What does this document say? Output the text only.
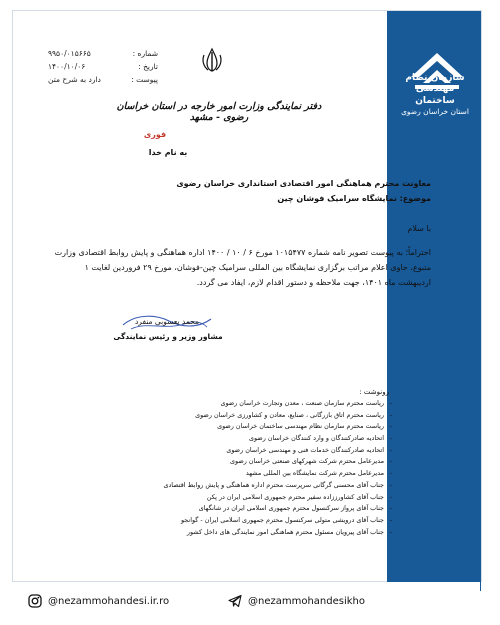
سازمان نظام مهندسی ساختمان
استان خراسان رضوی
شماره :
۹۹۵۰/۰۱۵۶۶۵
تاریخ :
۱۴۰۰/۱۰/۰۶
پیوست :
دارد به شرح متن
دفتر نمایندگی وزارت امور خارجه در استان خراسان رضوی - مشهد
فوری
به نام خدا
معاونت محترم هماهنگی امور اقتصادی استانداری خراسان رضوی
موضوع: نمایشگاه سرامیک فوشان چین
با سلام
احتراماً؛ به پیوست تصویر نامه شماره ۱۰۱۵۴۷۷ مورخ ۶ / ۱۰ / ۱۴۰۰ اداره هماهنگی و پایش روابط اقتصادی وزارت متبوع، حاوی اعلام مراتب برگزاری نمایشگاه بین المللی سرامیک چین-فوشان، مورخ ۲۹ فروردین لغایت ۱ اردیبهشت ماه ۱۴۰۱، جهت ملاحظه و دستور اقدام لازم، ایفاد می گردد.
محمد یعسوبی منفرد
مشاور وزیر و رئیس نمایندگی
رونوشت :
-ریاست محترم سازمان صنعت ، معدن وتجارت خراسان رضوی
-ریاست محترم اتاق بازرگانی ، صنایع، معادن و کشاورزی خراسان رضوی
-ریاست محترم سازمان نظام مهندسی ساختمان خراسان رضوی
-اتحادیه صادرکنندگان و وارد کنندگان خراسان رضوی
-اتحادیه صادرکنندگان خدمات فنی و مهندسی خراسان رضوی
-مدیرعامل محترم شرکت شهرکهای صنعتی خراسان رضوی
-مدیرعامل محترم شرکت نمایشگاه بین المللی مشهد
-جناب آقای محسنی گرگانی سرپرست محترم اداره هماهنگی و پایش روابط اقتصادی
-جناب آقای کشاورززاده سفیر محترم جمهوری اسلامی ایران در پکن
-جناب آقای پرواز سرکنسول محترم جمهوری اسلامی ایران در شانگهای
-جناب آقای درویشی متولی سرکنسول محترم جمهوری اسلامی ایران - گوانجو
-جناب آقای پیرویان مسئول محترم هماهنگی امور نمایندگی های داخل کشور
@nezammohandesi.ir.ro	@nezammohandesikho
